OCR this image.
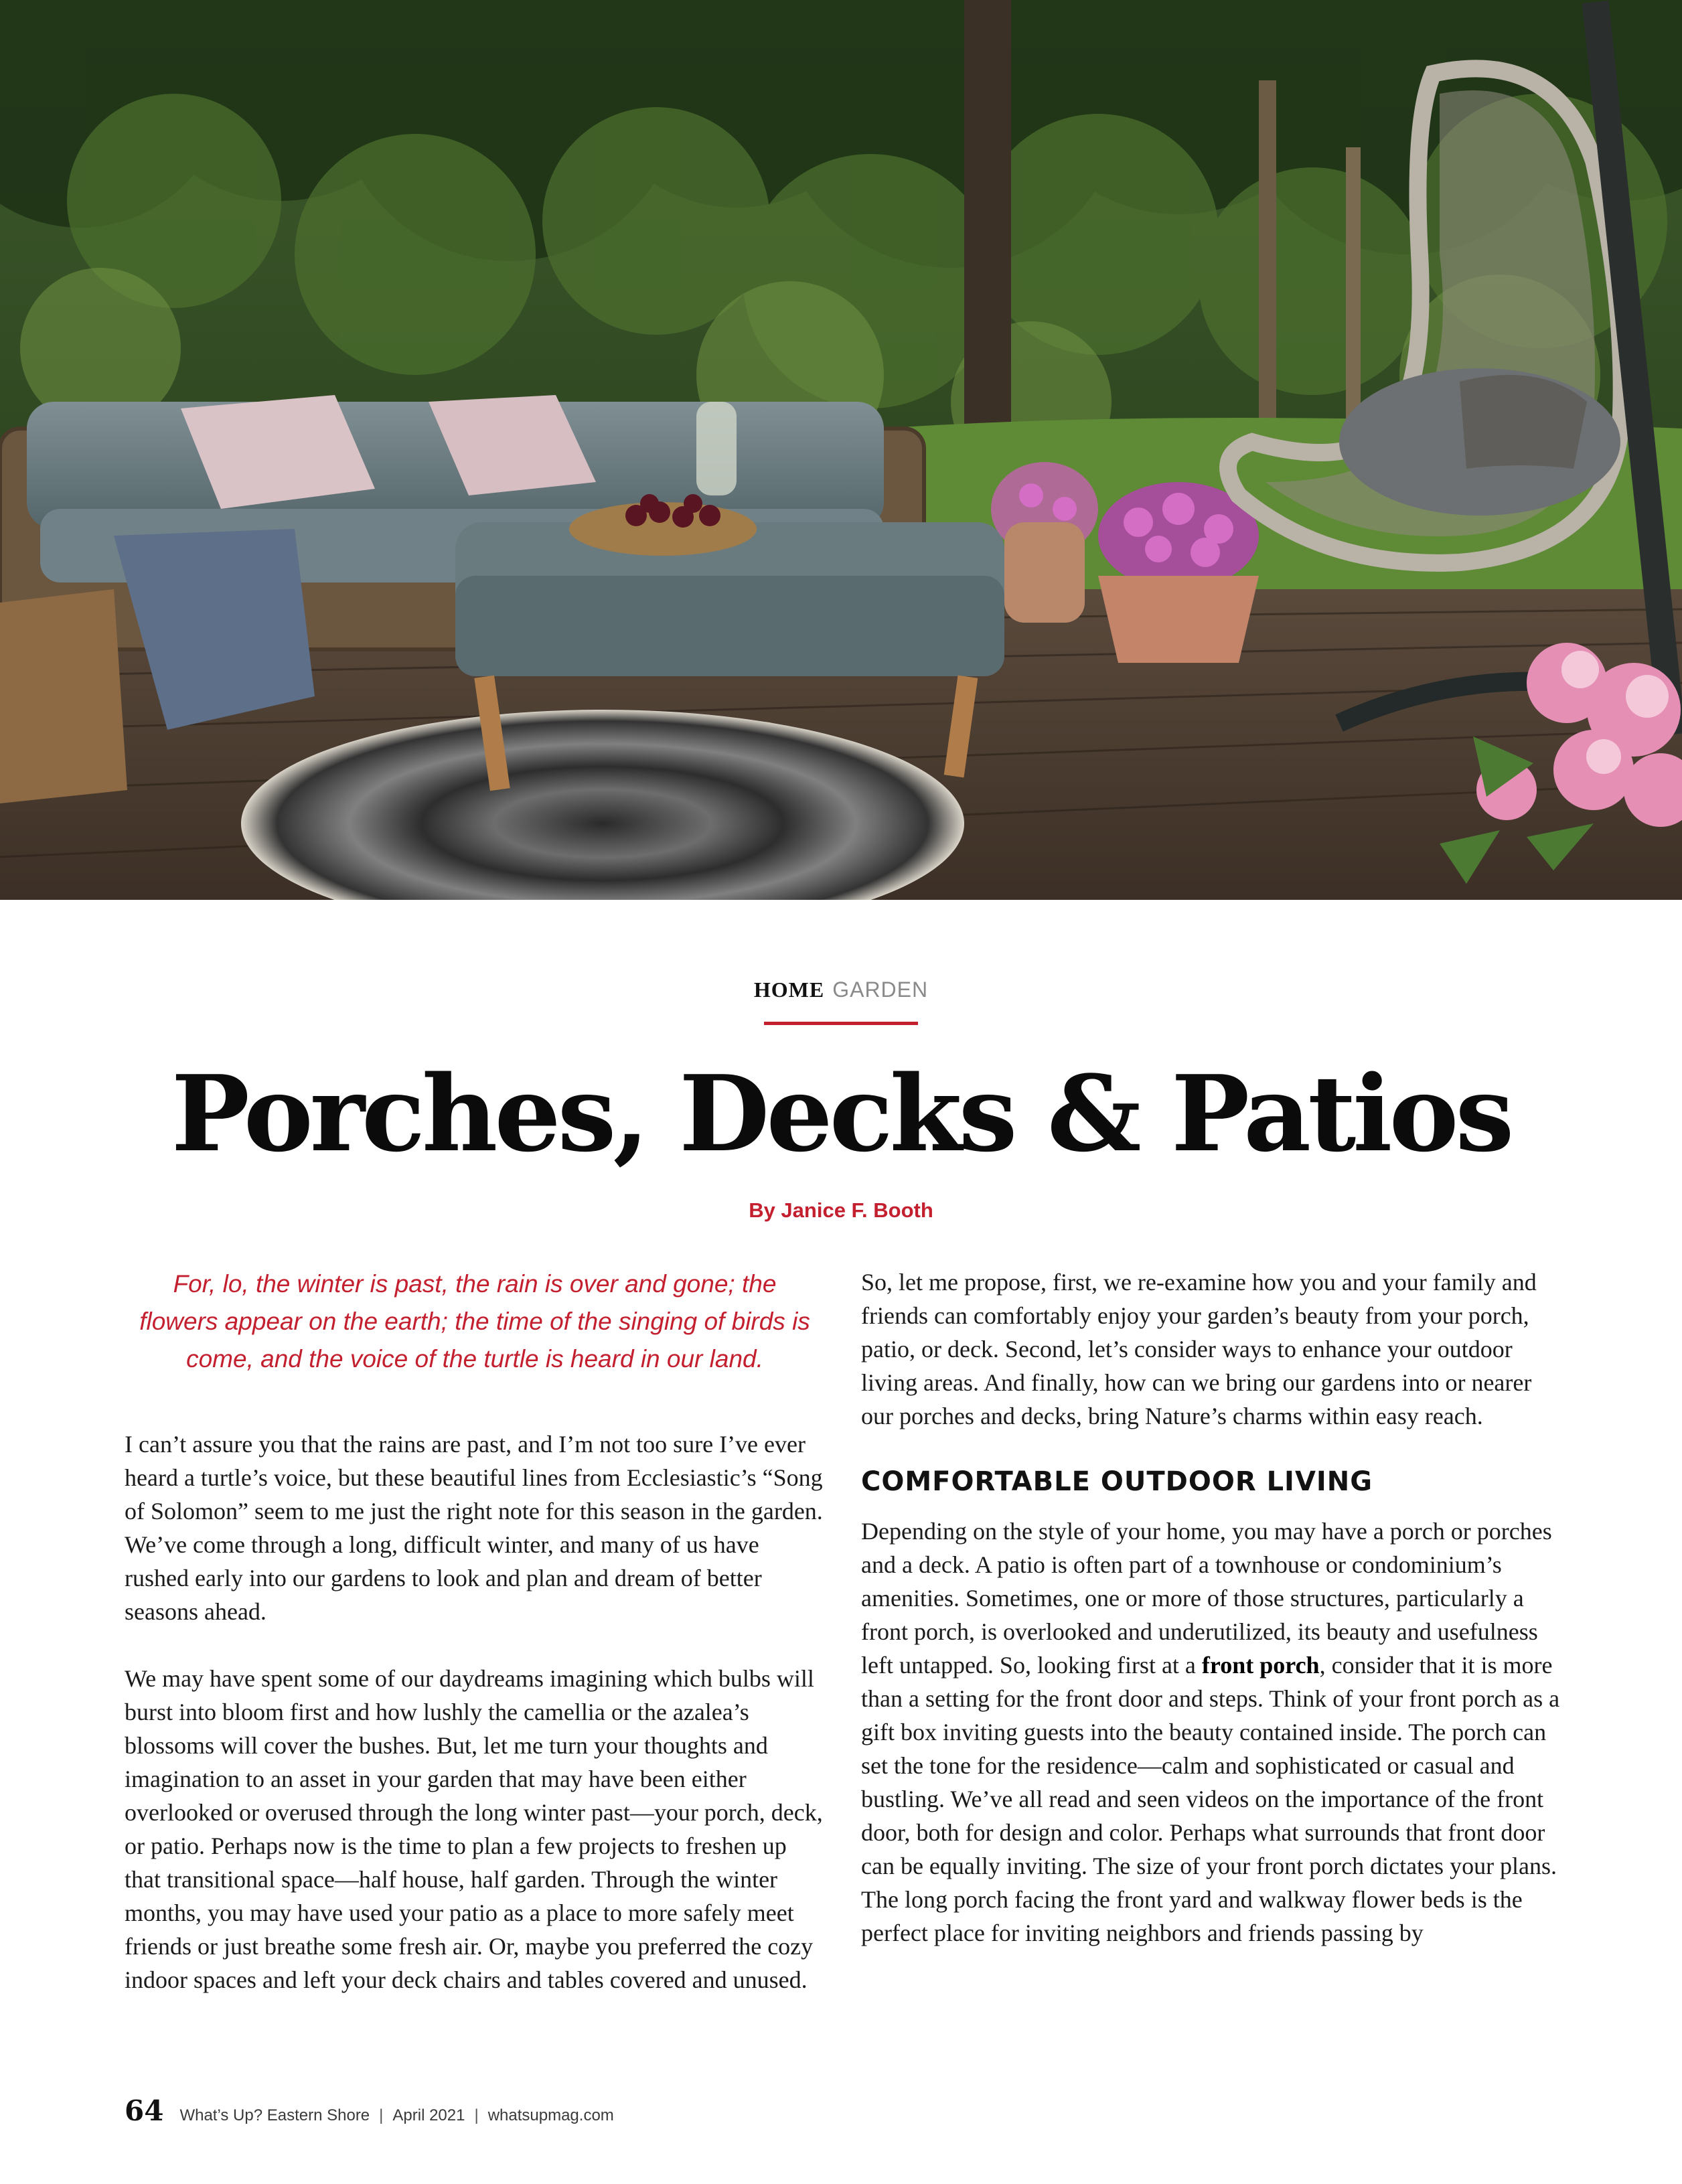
HOME GARDEN
Porches, Decks & Patios
By Janice F. Booth
For, lo, the winter is past, the rain is over and gone; the flowers appear on the earth; the time of the singing of birds is come, and the voice of the turtle is heard in our land.

I can’t assure you that the rains are past, and I’m not too sure I’ve ever heard a turtle’s voice, but these beautiful lines from Ecclesiastic’s “Song of Solomon” seem to me just the right note for this season in the garden. We’ve come through a long, difficult winter, and many of us have rushed early into our gardens to look and plan and dream of better seasons ahead.

We may have spent some of our daydreams imagining which bulbs will burst into bloom first and how lushly the camellia or the azalea’s blossoms will cover the bushes. But, let me turn your thoughts and imagination to an asset in your garden that may have been either overlooked or overused through the long winter past—your porch, deck, or patio. Perhaps now is the time to plan a few projects to freshen up that transitional space—half house, half garden. Through the winter months, you may have used your patio as a place to more safely meet friends or just breathe some fresh air. Or, maybe you preferred the cozy indoor spaces and left your deck chairs and tables covered and unused.

So, let me propose, first, we re-examine how you and your family and friends can comfortably enjoy your garden’s beauty from your porch, patio, or deck. Second, let’s consider ways to enhance your outdoor living areas. And finally, how can we bring our gardens into or nearer our porches and decks, bring Nature’s charms within easy reach.

COMFORTABLE OUTDOOR LIVING

Depending on the style of your home, you may have a porch or porches and a deck. A patio is often part of a townhouse or condominium’s amenities. Sometimes, one or more of those structures, particularly a front porch, is overlooked and underutilized, its beauty and usefulness left untapped. So, looking first at a front porch, consider that it is more than a setting for the front door and steps. Think of your front porch as a gift box inviting guests into the beauty contained inside. The porch can set the tone for the residence—calm and sophisticated or casual and bustling. We’ve all read and seen videos on the importance of the front door, both for design and color. Perhaps what surrounds that front door can be equally inviting. The size of your front porch dictates your plans. The long porch facing the front yard and walkway flower beds is the perfect place for inviting neighbors and friends passing by

64 What’s Up? Eastern Shore | April 2021 | whatsupmag.com
